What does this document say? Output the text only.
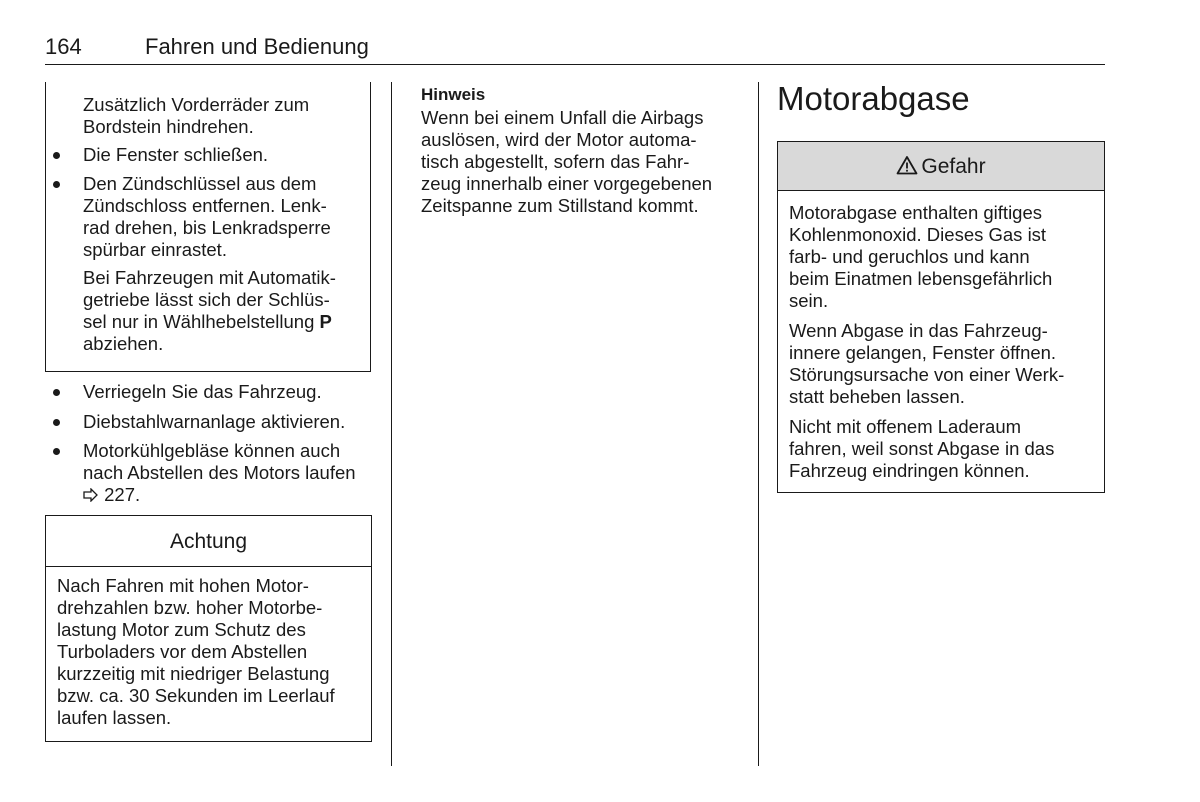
164	Fahren und Bedienung
Zusätzlich Vorderräder zum
Bordstein hindrehen.
Die Fenster schließen.
Den Zündschlüssel aus dem
Zündschloss entfernen. Lenk-
rad drehen, bis Lenkradsperre
spürbar einrastet.
Bei Fahrzeugen mit Automatik-
getriebe lässt sich der Schlüs-
sel nur in Wählhebelstellung P
abziehen.
Verriegeln Sie das Fahrzeug.
Diebstahlwarnanlage aktivieren.
Motorkühlgebläse können auch
nach Abstellen des Motors laufen
227.
Achtung
Nach Fahren mit hohen Motor-
drehzahlen bzw. hoher Motorbe-
lastung Motor zum Schutz des
Turboladers vor dem Abstellen
kurzzeitig mit niedriger Belastung
bzw. ca. 30 Sekunden im Leerlauf
laufen lassen.
Hinweis
Wenn bei einem Unfall die Airbags
auslösen, wird der Motor automa-
tisch abgestellt, sofern das Fahr-
zeug innerhalb einer vorgegebenen
Zeitspanne zum Stillstand kommt.
Motorabgase
Gefahr
Motorabgase enthalten giftiges
Kohlenmonoxid. Dieses Gas ist
farb- und geruchlos und kann
beim Einatmen lebensgefährlich
sein.
Wenn Abgase in das Fahrzeug-
innere gelangen, Fenster öffnen.
Störungsursache von einer Werk-
statt beheben lassen.
Nicht mit offenem Laderaum
fahren, weil sonst Abgase in das
Fahrzeug eindringen können.
